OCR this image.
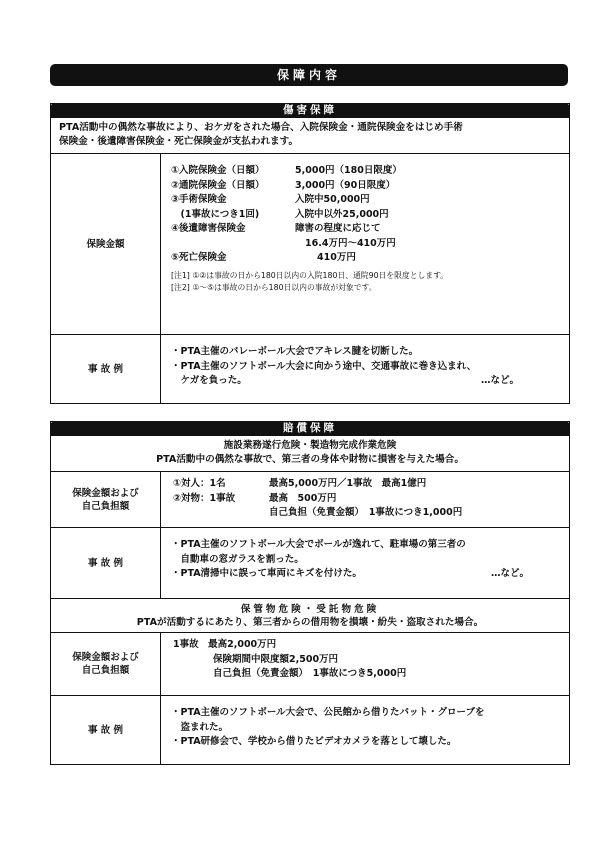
保障内容
傷害保障
PTA活動中の偶然な事故により、おケガをされた場合、入院保険金・通院保険金をはじめ手術
保険金・後遺障害保険金・死亡保険金が支払われます。
保険金額
①入院保険金（日額）	5,000円（180日限度）
②通院保険金（日額）	3,000円（90日限度）
③手術保険金	入院中50,000円
　(1事故につき1回)	入院中以外25,000円
④後遺障害保険金	障害の程度に応じて
16.4万円～410万円
⑤死亡保険金	410万円
[注1] ①②は事故の日から180日以内の入院180日、通院90日を限度とします。
[注2] ①～⑤は事故の日から180日以内の事故が対象です。
事 故 例
・PTA主催のバレーボール大会でアキレス腱を切断した。
・PTA主催のソフトボール大会に向かう途中、交通事故に巻き込まれ、
　ケガを負った。	…など。
賠償保障
施設業務遂行危険・製造物完成作業危険
PTA活動中の偶然な事故で、第三者の身体や財物に損害を与えた場合。
保険金額および
自己負担額
①対人：1名	最高5,000万円／1事故　最高1億円
②対物：1事故	最高　500万円
自己負担（免責金額）　1事故につき1,000円
事 故 例
・PTA主催のソフトボール大会でボールが逸れて、駐車場の第三者の
　自動車の窓ガラスを割った。
・PTA清掃中に誤って車両にキズを付けた。	…など。
保管物危険・受託物危険
PTAが活動するにあたり、第三者からの借用物を損壊・紛失・盗取された場合。
保険金額および
自己負担額
1事故　最高2,000万円
保険期間中限度額2,500万円
自己負担（免責金額）　1事故につき5,000円
事 故 例
・PTA主催のソフトボール大会で、公民館から借りたバット・グローブを
　盗まれた。
・PTA研修会で、学校から借りたビデオカメラを落として壊した。
